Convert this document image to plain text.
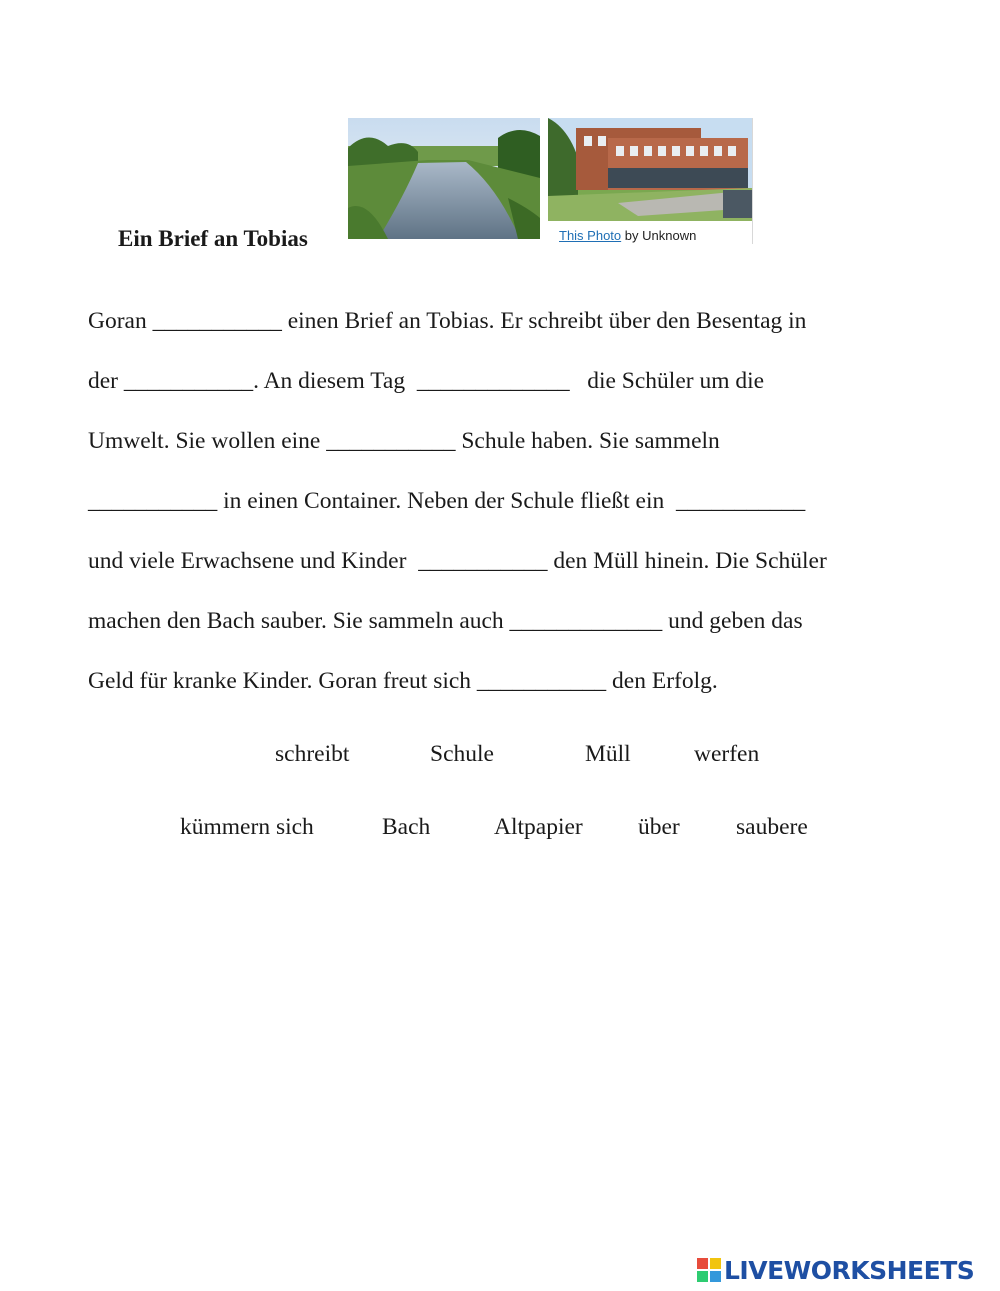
Ein Brief an Tobias	This Photo by Unknown
Goran ___________ einen Brief an Tobias. Er schreibt über den Besentag in
der ___________. An diesem Tag  _____________   die Schüler um die
Umwelt. Sie wollen eine ___________ Schule haben. Sie sammeln
___________ in einen Container. Neben der Schule fließt ein  ___________
und viele Erwachsene und Kinder  ___________ den Müll hinein. Die Schüler
machen den Bach sauber. Sie sammeln auch _____________ und geben das
Geld für kranke Kinder. Goran freut sich ___________ den Erfolg.
schreibt	Schule	Müll	werfen
kümmern sich	Bach	Altpapier über saubere
LIVEWORKSHEETS
